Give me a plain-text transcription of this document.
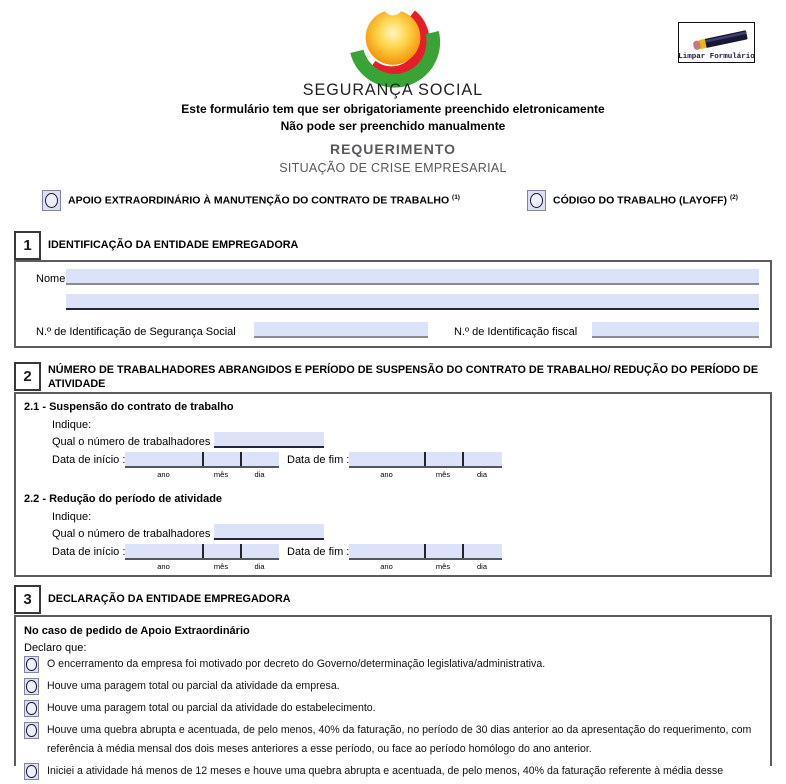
SEGURANÇA SOCIAL
Limpar Formulário
Este formulário tem que ser obrigatoriamente preenchido eletronicamente
Não pode ser preenchido manualmente
REQUERIMENTO
SITUAÇÃO DE CRISE EMPRESARIAL
APOIO EXTRAORDINÁRIO À MANUTENÇÃO DO CONTRATO DE TRABALHO $^{(1)}$	CÓDIGO DO TRABALHO (LAYOFF) $^{(2)}$
1	IDENTIFICAÇÃO DA ENTIDADE EMPREGADORA
Nome
N.º de Identificação de Segurança Social	N.º de Identificação fiscal
2	NÚMERO DE TRABALHADORES ABRANGIDOS E PERÍODO DE SUSPENSÃO DO CONTRATO DE TRABALHO/ REDUÇÃO DO PERÍODO DE ATIVIDADE
2.1 - Suspensão do contrato de trabalho
Indique:
Qual o número de trabalhadores
Data de início :
ano	mês	dia
Data de fim :
ano	mês	dia
2.2 - Redução do período de atividade
Indique:
Qual o número de trabalhadores
Data de início :
ano	mês	dia
Data de fim :
ano	mês	dia
3	DECLARAÇÃO DA ENTIDADE EMPREGADORA
No caso de pedido de Apoio Extraordinário
Declaro que:

O encerramento da empresa foi motivado por decreto do Governo/determinação legislativa/administrativa.

Houve uma paragem total ou parcial da atividade da empresa.

Houve uma paragem total ou parcial da atividade do estabelecimento.

Houve uma quebra abrupta e acentuada, de pelo menos, 40% da faturação, no período de 30 dias anterior ao da apresentação do requerimento, com referência à média mensal dos dois meses anteriores a esse período, ou face ao período homólogo do ano anterior.

Iniciei a atividade há menos de 12 meses e houve uma quebra abrupta e acentuada, de pelo menos, 40% da faturação referente à média desse
